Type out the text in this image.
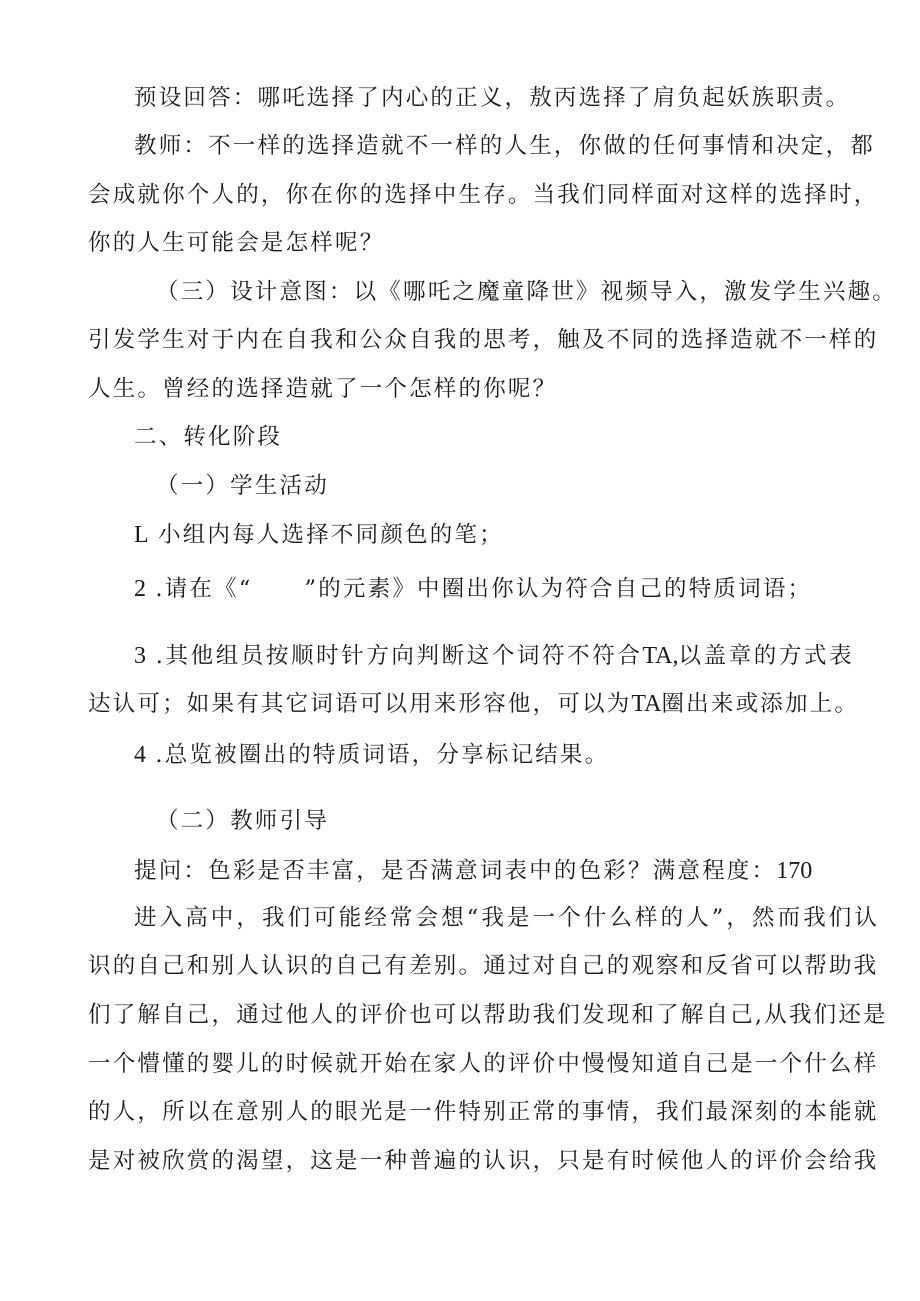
预设回答：哪吒选择了内心的正义，敖丙选择了肩负起妖族职责。
教师：不一样的选择造就不一样的人生，你做的任何事情和决定，都
会成就你个人的，你在你的选择中生存。当我们同样面对这样的选择时，
你的人生可能会是怎样呢？
（三）设计意图：以《哪吒之魔童降世》视频导入，激发学生兴趣。
引发学生对于内在自我和公众自我的思考，触及不同的选择造就不一样的
人生。曾经的选择造就了一个怎样的你呢？
二、转化阶段
（一）学生活动
L 小组内每人选择不同颜色的笔；
2 .请在《“ ”的元素》中圈出你认为符合自己的特质词语；
3 .其他组员按顺时针方向判断这个词符不符合TA,以盖章的方式表
达认可；如果有其它词语可以用来形容他，可以为TA圈出来或添加上。
4 .总览被圈出的特质词语，分享标记结果。
（二）教师引导
提问：色彩是否丰富，是否满意词表中的色彩？满意程度：170
进入高中，我们可能经常会想“我是一个什么样的人”，然而我们认
识的自己和别人认识的自己有差别。通过对自己的观察和反省可以帮助我
们了解自己，通过他人的评价也可以帮助我们发现和了解自己,从我们还是
一个懵懂的婴儿的时候就开始在家人的评价中慢慢知道自己是一个什么样
的人，所以在意别人的眼光是一件特别正常的事情，我们最深刻的本能就
是对被欣赏的渴望，这是一种普遍的认识，只是有时候他人的评价会给我
